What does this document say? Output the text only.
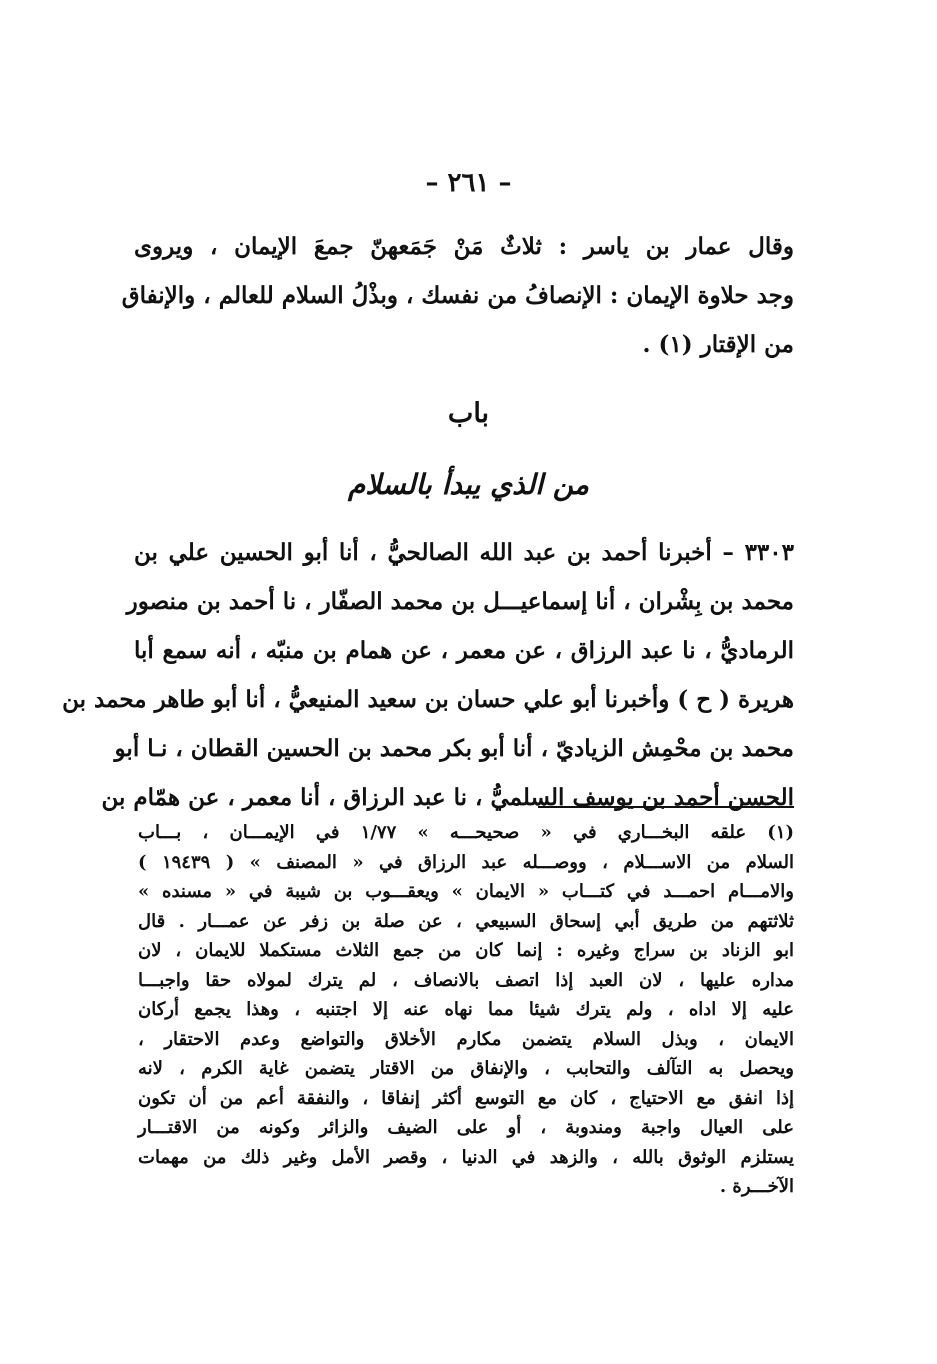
– ٢٦١ –
وقال عمار بن ياسر : ثلاثٌ مَنْ جَمَعهنّ جمعَ الإيمان ، ويروى
وجد حلاوة الإيمان : الإنصافُ من نفسك ، وبذْلُ السلام للعالم ، والإنفاق
من الإقتار (١) .
باب
من الذي يبدأ بالسلام
٣٣٠٣ – أخبرنا أحمد بن عبد الله الصالحيُّ ، أنا أبو الحسين علي بن
محمد بن بِشْران ، أنا إسماعيـــل بن محمد الصفّار ، نا أحمد بن منصور
الرماديُّ ، نا عبد الرزاق ، عن معمر ، عن همام بن منبّه ، أنه سمع أبا
هريرة ( ح ) وأخبرنا أبو علي حسان بن سعيد المنيعيُّ ، أنا أبو طاهر محمد بن
محمد بن محْمِش الزياديّ ، أنا أبو بكر محمد بن الحسين القطان ، نـا أبو
الحسن أحمد بن يوسف السلميُّ ، نا عبد الرزاق ، أنا معمر ، عن همّام بن
(١) علقه البخـــاري في « صحيحـــه » ١/٧٧ في الإيمـــان ، بـــاب
السلام من الاســـلام ، ووصـــله عبد الرزاق في « المصنف » ( ١٩٤٣٩ )
والامـــام احمـــد في كتـــاب « الايمان » ويعقـــوب بن شيبة في « مسنده »
ثلاثتهم من طريق أبي إسحاق السبيعي ، عن صلة بن زفر عن عمـــار . قال
ابو الزناد بن سراج وغيره : إنما كان من جمع الثلاث مستكملا للايمان ، لان
مداره عليها ، لان العبد إذا اتصف بالانصاف ، لم يترك لمولاه حقا واجبـــا
عليه إلا اداه ، ولم يترك شيئا مما نهاه عنه إلا اجتنبه ، وهذا يجمع أركان
الايمان ، وبذل السلام يتضمن مكارم الأخلاق والتواضع وعدم الاحتقار ،
ويحصل به التآلف والتحابب ، والإنفاق من الاقتار يتضمن غاية الكرم ، لانه
إذا انفق مع الاحتياج ، كان مع التوسع أكثر إنفاقا ، والنفقة أعم من أن تكون
على العيال واجبة ومندوبة ، أو على الضيف والزائر وكونه من الاقتـــار
يستلزم الوثوق بالله ، والزهد في الدنيا ، وقصر الأمل وغير ذلك من مهمات
الآخـــرة .
